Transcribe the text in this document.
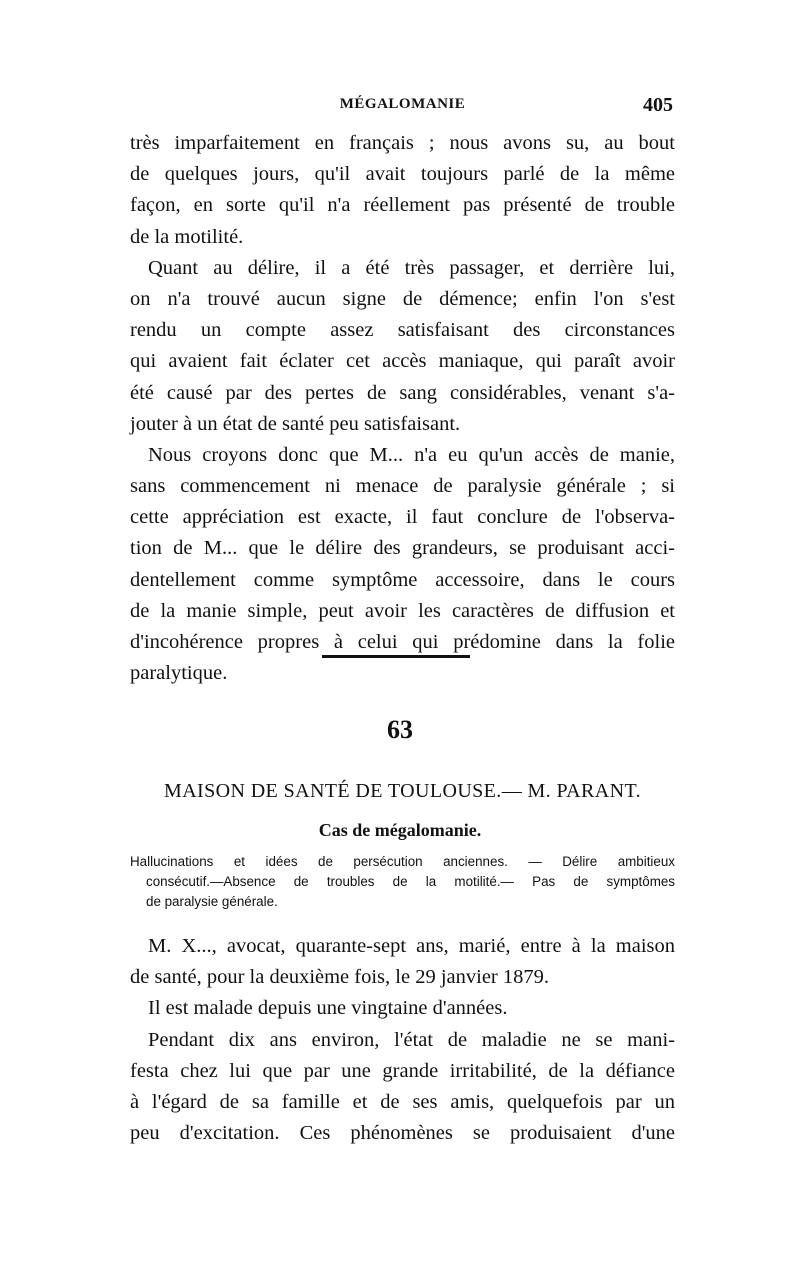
MÉGALOMANIE	405
très imparfaitement en français ; nous avons su, au bout
de quelques jours, qu'il avait toujours parlé de la même
façon, en sorte qu'il n'a réellement pas présenté de trouble
de la motilité.
Quant au délire, il a été très passager, et derrière lui,
on n'a trouvé aucun signe de démence; enfin l'on s'est
rendu un compte assez satisfaisant des circonstances
qui avaient fait éclater cet accès maniaque, qui paraît avoir
été causé par des pertes de sang considérables, venant s'a-
jouter à un état de santé peu satisfaisant.
Nous croyons donc que M... n'a eu qu'un accès de manie,
sans commencement ni menace de paralysie générale ; si
cette appréciation est exacte, il faut conclure de l'observa-
tion de M... que le délire des grandeurs, se produisant acci-
dentellement comme symptôme accessoire, dans le cours
de la manie simple, peut avoir les caractères de diffusion et
d'incohérence propres à celui qui prédomine dans la folie
paralytique.
63
MAISON DE SANTÉ DE TOULOUSE.— M. PARANT.
Cas de mégalomanie.
Hallucinations et idées de persécution anciennes. — Délire ambitieux
consécutif.—Absence de troubles de la motilité.— Pas de symptômes
de paralysie générale.
M. X..., avocat, quarante-sept ans, marié, entre à la maison
de santé, pour la deuxième fois, le 29 janvier 1879.
Il est malade depuis une vingtaine d'années.
Pendant dix ans environ, l'état de maladie ne se mani-
festa chez lui que par une grande irritabilité, de la défiance
à l'égard de sa famille et de ses amis, quelquefois par un
peu d'excitation. Ces phénomènes se produisaient d'une
